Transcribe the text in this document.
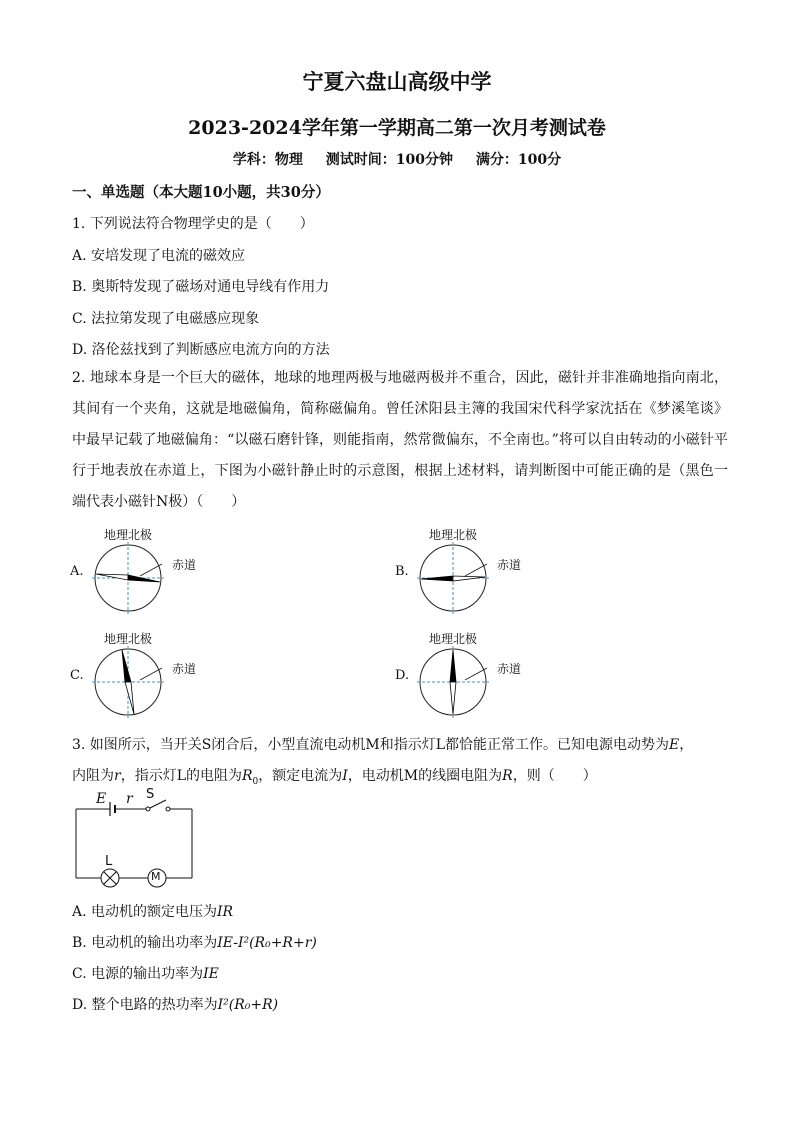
宁夏六盘山高级中学
2023-2024学年第一学期高二第一次月考测试卷
学科：物理 测试时间：100分钟 满分：100分
一、单选题（本大题10小题，共30分）
1. 下列说法符合物理学史的是（　　）
A. 安培发现了电流的磁效应
B. 奥斯特发现了磁场对通电导线有作用力
C. 法拉第发现了电磁感应现象
D. 洛伦兹找到了判断感应电流方向的方法
2. 地球本身是一个巨大的磁体，地球的地理两极与地磁两极并不重合，因此，磁针并非准确地指向南北，其间有一个夹角，这就是地磁偏角，简称磁偏角。曾任沭阳县主簿的我国宋代科学家沈括在《梦溪笔谈》中最早记载了地磁偏角：“以磁石磨针锋，则能指南，然常微偏东，不全南也。”将可以自由转动的小磁针平行于地表放在赤道上，下图为小磁针静止时的示意图，根据上述材料，请判断图中可能正确的是（黑色一端代表小磁针N极）（　　）
地理北极
A.	赤道
地理北极
B.	赤道
地理北极
C.	赤道
地理北极
D.	赤道
3. 如图所示，当开关S闭合后，小型直流电动机M和指示灯L都恰能正常工作。已知电源电动势为E，
内阻为r，指示灯L的电阻为$R_0$，额定电流为I，电动机M的线圈电阻为R，则（　　）
E r S
L
M
A. 电动机的额定电压为IR
B. 电动机的输出功率为IE-I²(R₀+R+r)
C. 电源的输出功率为IE
D. 整个电路的热功率为I²(R₀+R)
